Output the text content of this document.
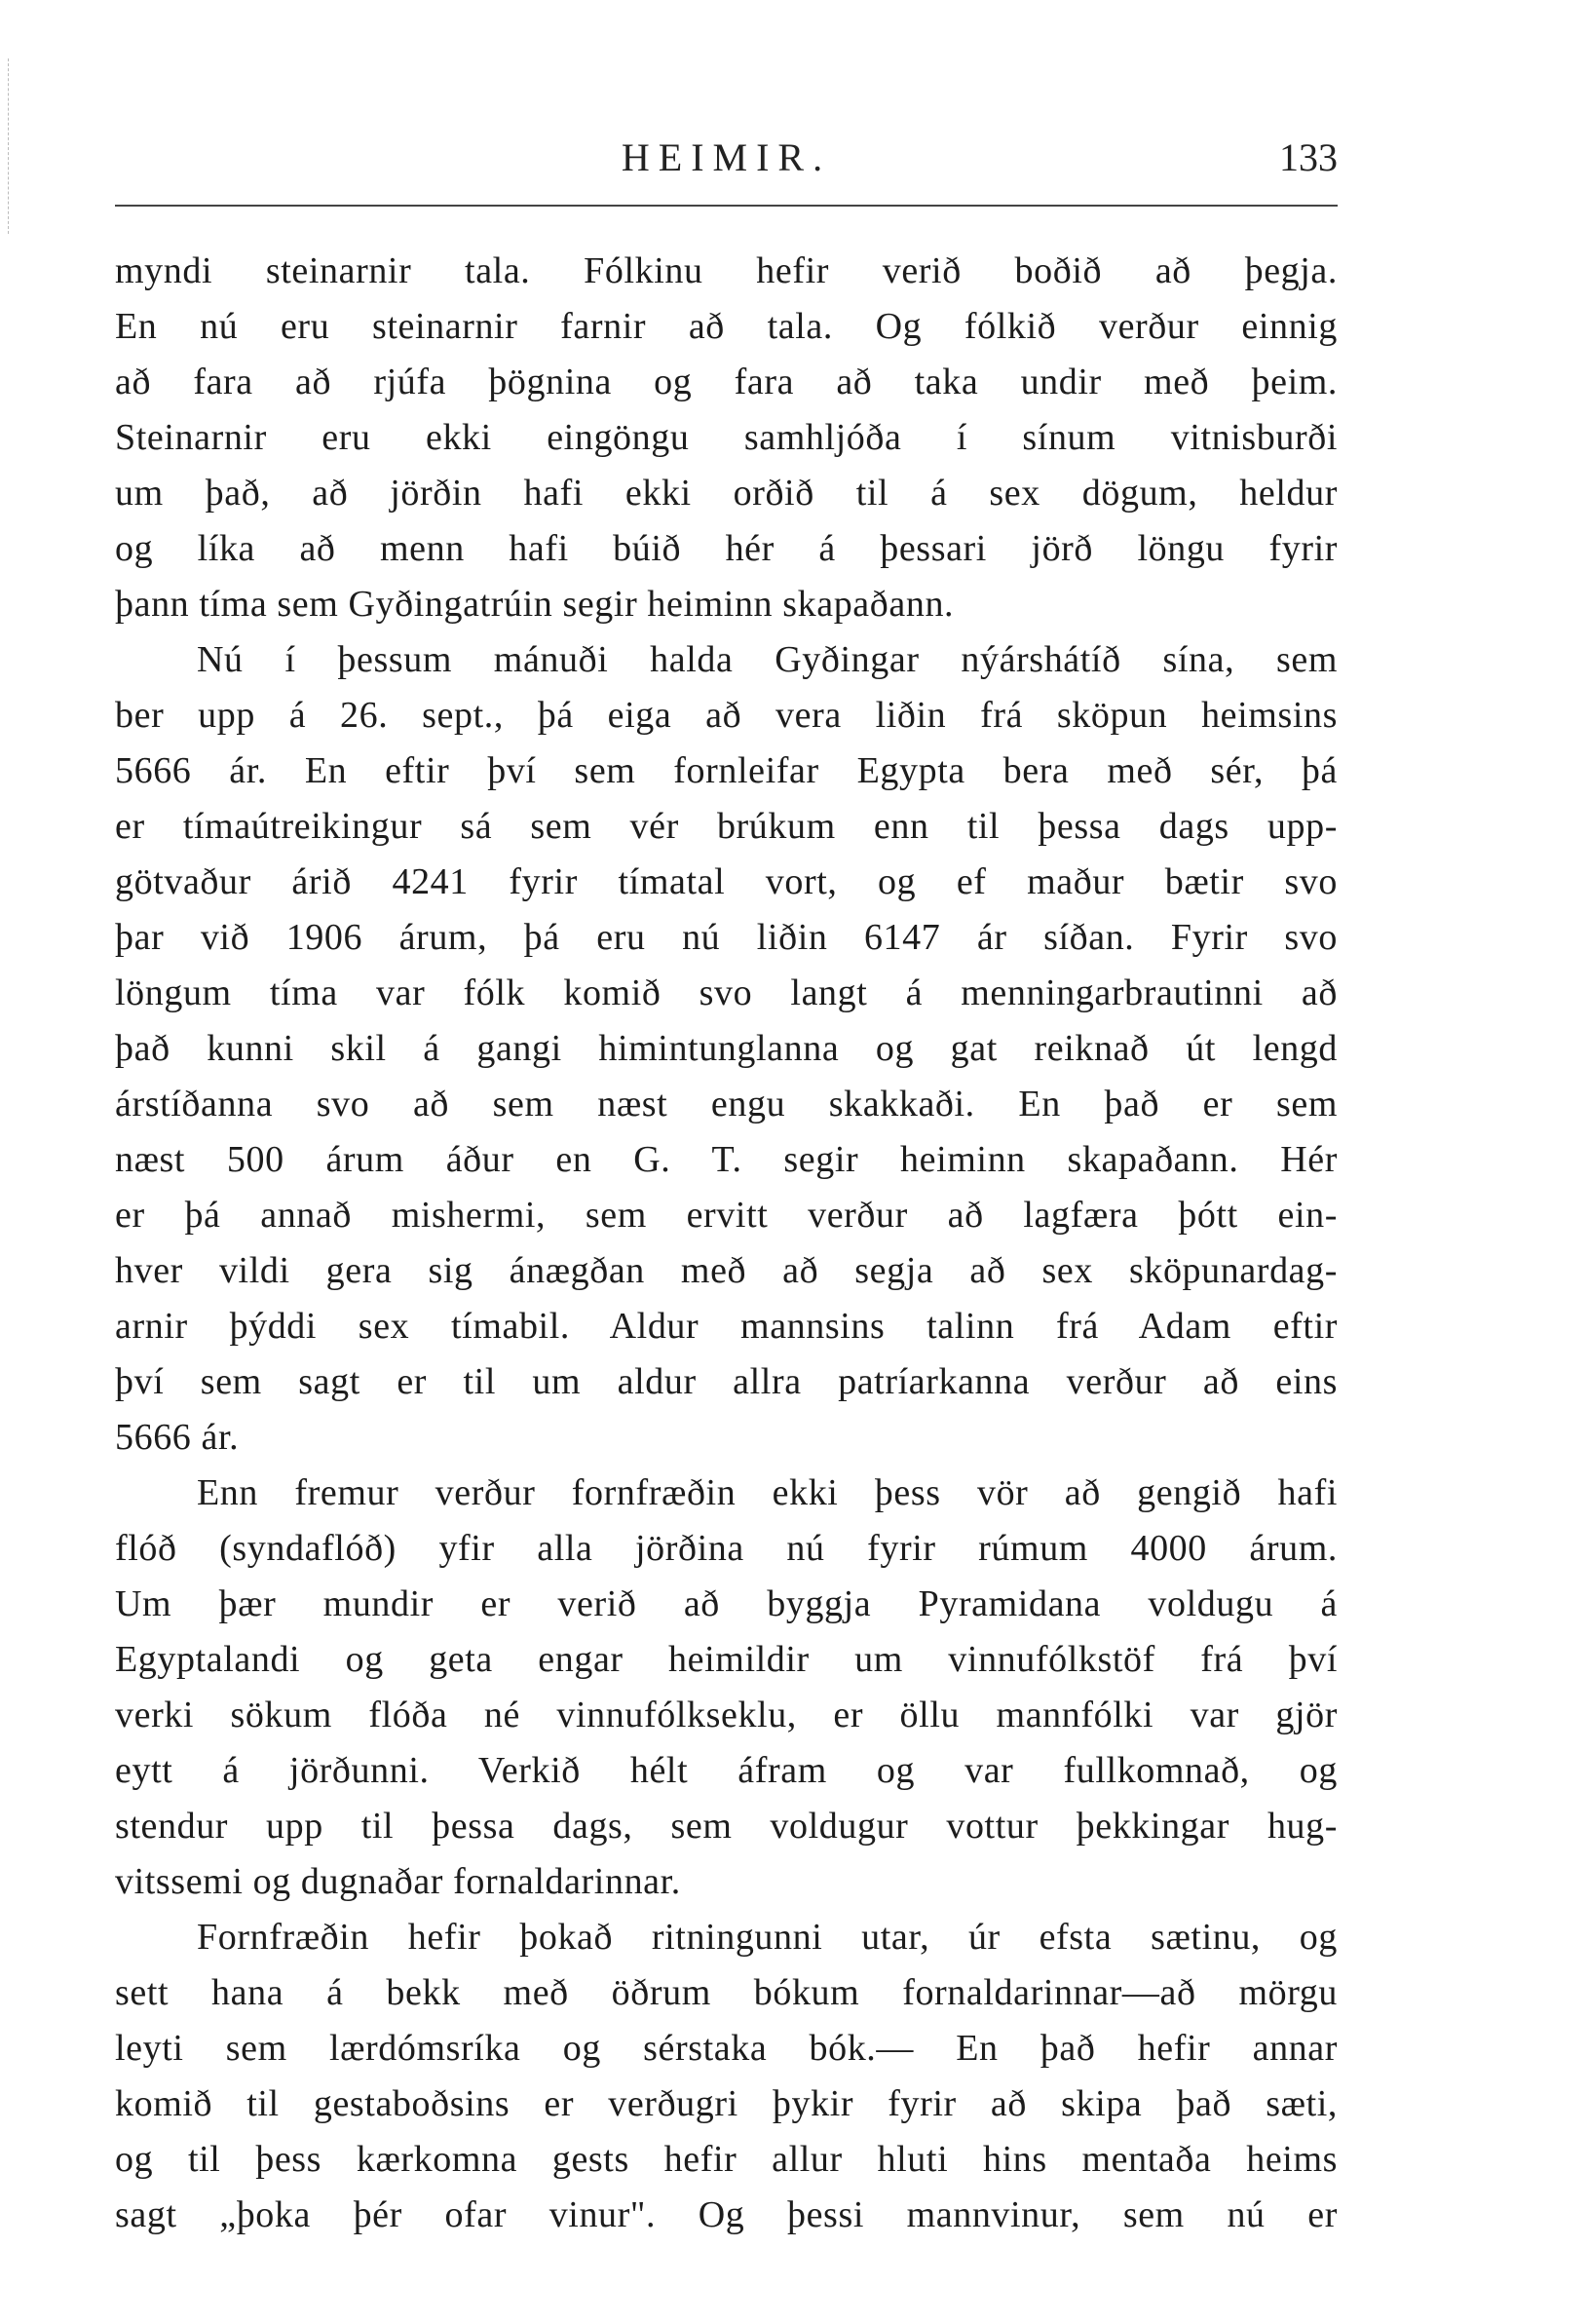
HEIMIR.	133
myndi steinarnir tala. Fólkinu hefir verið boðið að þegja.
En nú eru steinarnir farnir að tala. Og fólkið verður einnig
að fara að rjúfa þögnina og fara að taka undir með þeim.
Steinarnir eru ekki eingöngu samhljóða í sínum vitnisburði
um það, að jörðin hafi ekki orðið til á sex dögum, heldur
og líka að menn hafi búið hér á þessari jörð löngu fyrir
þann tíma sem Gyðingatrúin segir heiminn skapaðann.
Nú í þessum mánuði halda Gyðingar nýárshátíð sína, sem
ber upp á 26. sept., þá eiga að vera liðin frá sköpun heimsins
5666 ár. En eftir því sem fornleifar Egypta bera með sér, þá
er tímaútreikingur sá sem vér brúkum enn til þessa dags upp-
götvaður árið 4241 fyrir tímatal vort, og ef maður bætir svo
þar við 1906 árum, þá eru nú liðin 6147 ár síðan. Fyrir svo
löngum tíma var fólk komið svo langt á menningarbrautinni að
það kunni skil á gangi himintunglanna og gat reiknað út lengd
árstíðanna svo að sem næst engu skakkaði. En það er sem
næst 500 árum áður en G. T. segir heiminn skapaðann. Hér
er þá annað mishermi, sem ervitt verður að lagfæra þótt ein-
hver vildi gera sig ánægðan með að segja að sex sköpunardag-
arnir þýddi sex tímabil. Aldur mannsins talinn frá Adam eftir
því sem sagt er til um aldur allra patríarkanna verður að eins
5666 ár.
Enn fremur verður fornfræðin ekki þess vör að gengið hafi
flóð (syndaflóð) yfir alla jörðina nú fyrir rúmum 4000 árum.
Um þær mundir er verið að byggja Pyramidana voldugu á
Egyptalandi og geta engar heimildir um vinnufólkstöf frá því
verki sökum flóða né vinnufólkseklu, er öllu mannfólki var gjör
eytt á jörðunni. Verkið hélt áfram og var fullkomnað, og
stendur upp til þessa dags, sem voldugur vottur þekkingar hug-
vitssemi og dugnaðar fornaldarinnar.
Fornfræðin hefir þokað ritningunni utar, úr efsta sætinu, og
sett hana á bekk með öðrum bókum fornaldarinnar—að mörgu
leyti sem lærdómsríka og sérstaka bók.— En það hefir annar
komið til gestaboðsins er verðugri þykir fyrir að skipa það sæti,
og til þess kærkomna gests hefir allur hluti hins mentaða heims
sagt „þoka þér ofar vinur". Og þessi mannvinur, sem nú er
